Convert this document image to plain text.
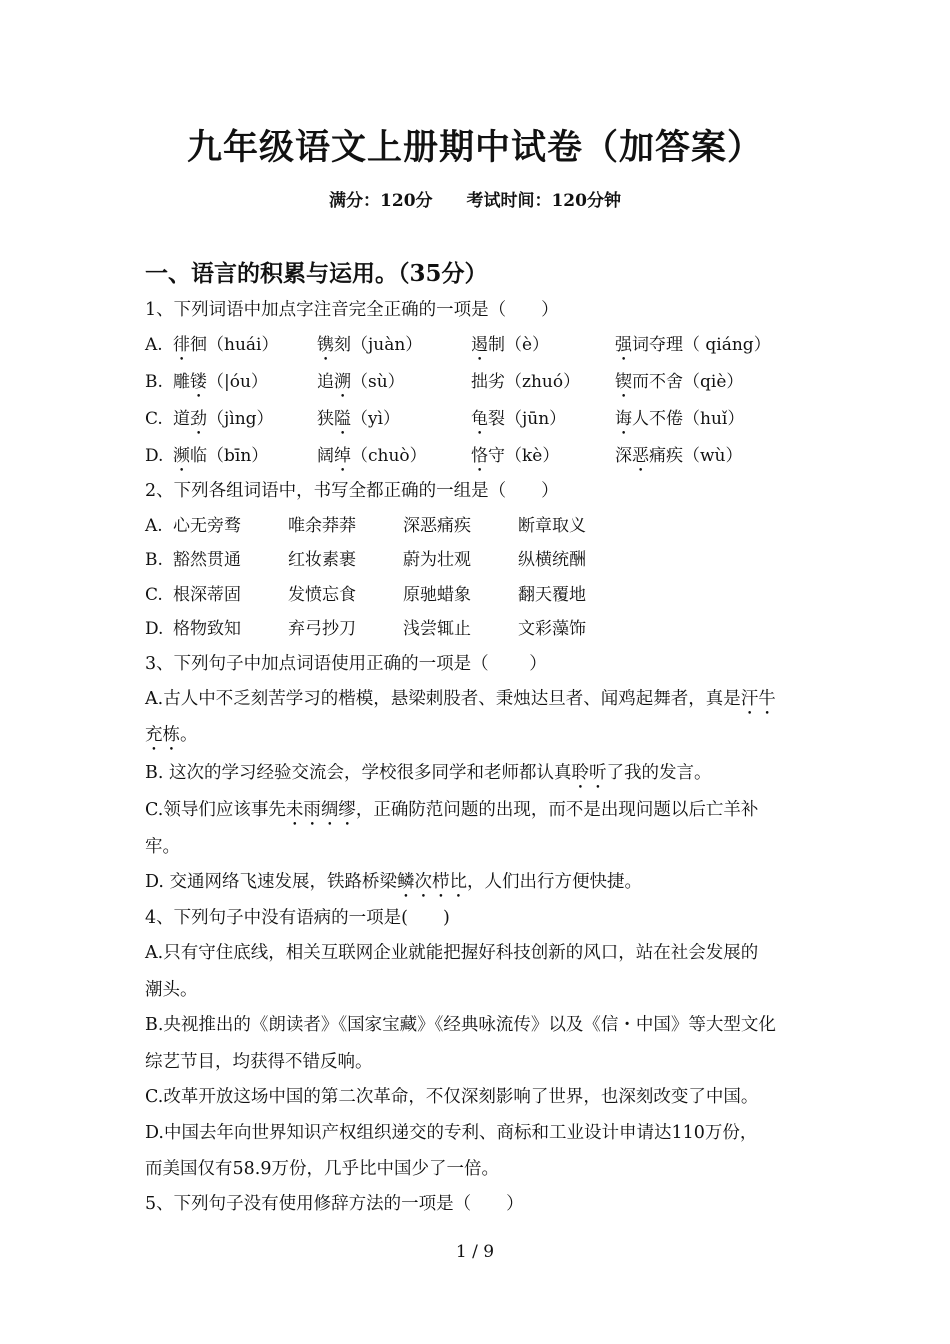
九年级语文上册期中试卷（加答案）
满分：120分 考试时间：120分钟
一、语言的积累与运用。（35分）
1、下列词语中加点字注音完全正确的一项是（　　）
A. 徘徊（huái） 镌刻（juàn）	遏制（è）	强词夺理（ qiáng）
B. 雕镂（|óu）	追溯（sù）	拙劣（zhuó） 锲而不舍（qiè）
C. 道劲（jìng）	狭隘（yì）	龟裂（jūn）	诲人不倦（huǐ）
D. 濒临（bīn）	阔绰（chuò）	恪守（kè）	深恶痛疾（wù）
2、下列各组词语中，书写全都正确的一组是（　　）
A. 心无旁骛	唯余莽莽	深恶痛疾	断章取义
B. 豁然贯通	红妆素裹	蔚为壮观	纵横统酬
C. 根深蒂固	发愤忘食	原驰蜡象	翻天覆地
D. 格物致知	弃弓抄刀	浅尝辄止	文彩藻饰
3、下列句子中加点词语使用正确的一项是（　　 ）
A.古人中不乏刻苦学习的楷模，悬梁刺股者、秉烛达旦者、闻鸡起舞者，真是汗牛
充栋。
B. 这次的学习经验交流会，学校很多同学和老师都认真聆听了我的发言。
C.领导们应该事先未雨绸缪，正确防范问题的出现，而不是出现问题以后亡羊补
牢。
D. 交通网络飞速发展，铁路桥梁鳞次栉比，人们出行方便快捷。
4、下列句子中没有语病的一项是(　　)
A.只有守住底线，相关互联网企业就能把握好科技创新的风口，站在社会发展的
潮头。
B.央视推出的《朗读者》《国家宝藏》《经典咏流传》以及《信・中国》等大型文化
综艺节目，均获得不错反响。
C.改革开放这场中国的第二次革命，不仅深刻影响了世界，也深刻改变了中国。
D.中国去年向世界知识产权组织递交的专利、商标和工业设计申请达110万份，
而美国仅有58.9万份，几乎比中国少了一倍。
5、下列句子没有使用修辞方法的一项是（　　）
1 / 9
